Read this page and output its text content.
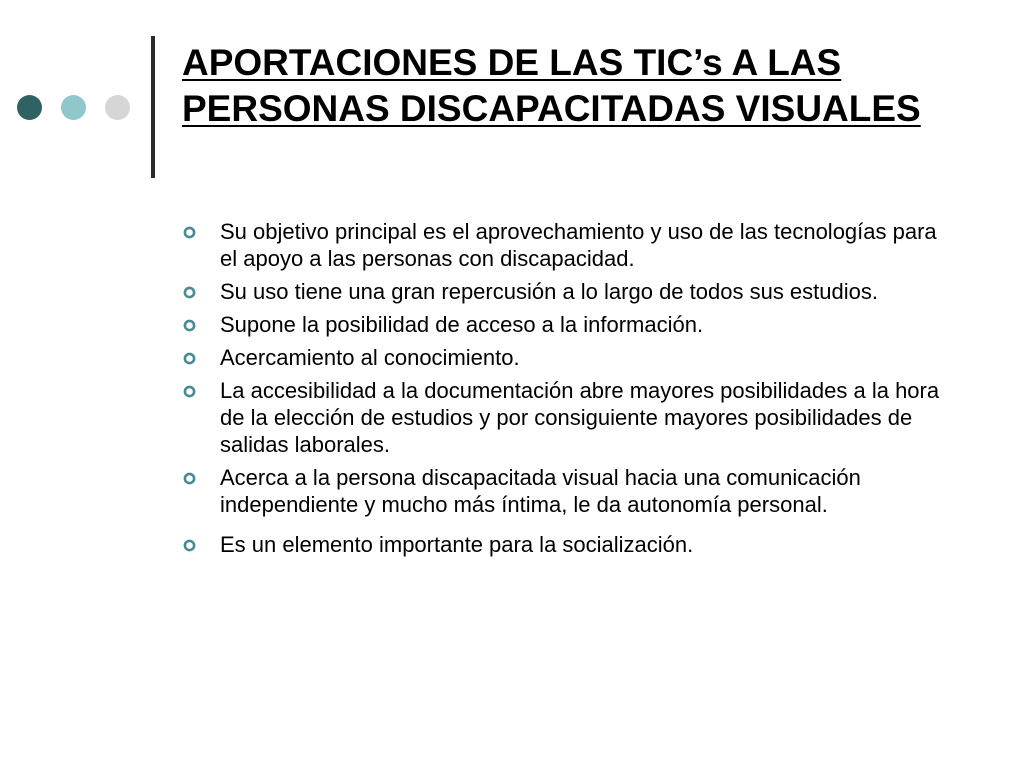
APORTACIONES DE LAS TIC’s A LAS PERSONAS DISCAPACITADAS VISUALES
Su objetivo principal es el aprovechamiento y uso de las tecnologías para el apoyo a las personas con discapacidad.
Su uso tiene una gran repercusión a lo largo de todos sus estudios.
Supone la posibilidad de acceso a la información.
Acercamiento al conocimiento.
La accesibilidad a la documentación abre mayores posibilidades a la hora de la elección de estudios y por consiguiente mayores posibilidades de salidas laborales.
Acerca a la persona discapacitada visual hacia una comunicación independiente y mucho más íntima, le da autonomía personal.
Es un elemento importante para la socialización.
